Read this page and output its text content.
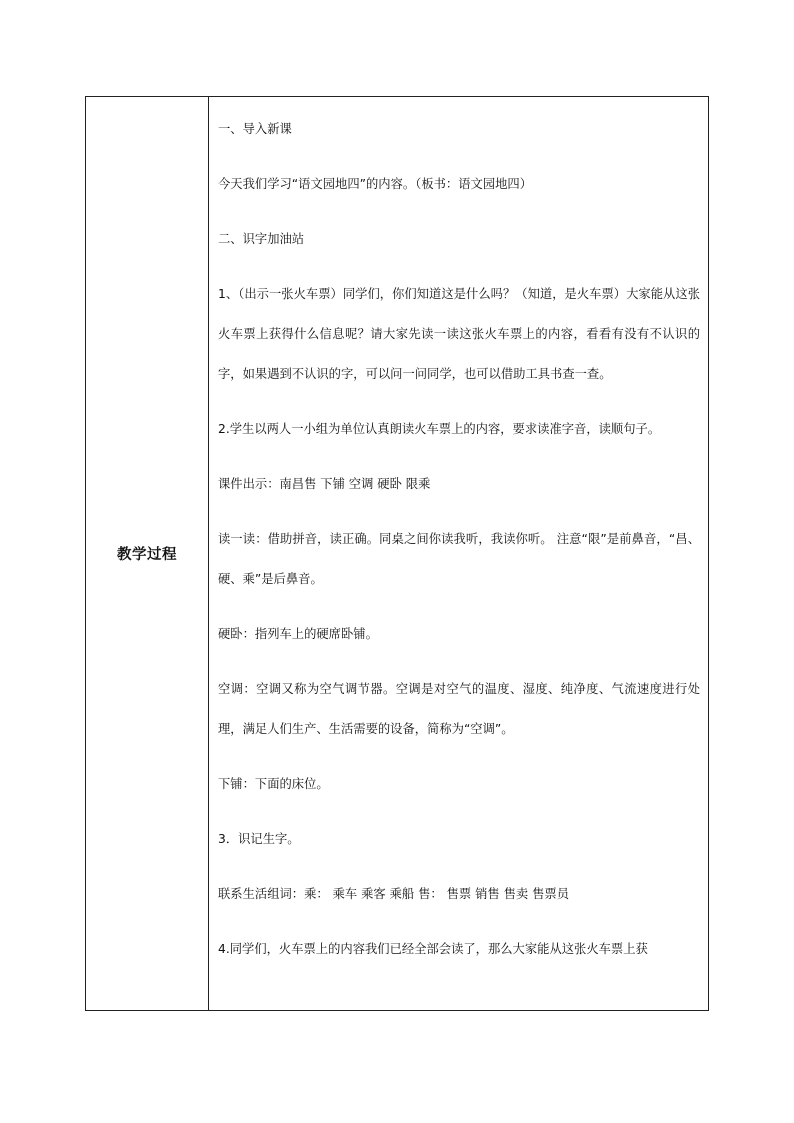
教学过程	

一、导入新课

今天我们学习“语文园地四”的内容。（板书：语文园地四）

二、识字加油站

1、（出示一张火车票）同学们，你们知道这是什么吗？（知道，是火车票）大家能从这张火车票上获得什么信息呢？请大家先读一读这张火车票上的内容，看看有没有不认识的字，如果遇到不认识的字，可以问一问同学，也可以借助工具书查一查。

2.学生以两人一小组为单位认真朗读火车票上的内容，要求读准字音，读顺句子。

课件出示：南昌售 下铺 空调 硬卧 限乘

读一读：借助拼音，读正确。同桌之间你读我听，我读你听。 注意“限”是前鼻音，“昌、硬、乘”是后鼻音。

硬卧：指列车上的硬席卧铺。

空调：空调又称为空气调节器。空调是对空气的温度、湿度、纯净度、气流速度进行处理，满足人们生产、生活需要的设备，简称为“空调”。

下铺：下面的床位。

3．识记生字。

联系生活组词：乘： 乘车 乘客 乘船 售： 售票 销售 售卖 售票员

4.同学们，火车票上的内容我们已经全部会读了，那么大家能从这张火车票上获
